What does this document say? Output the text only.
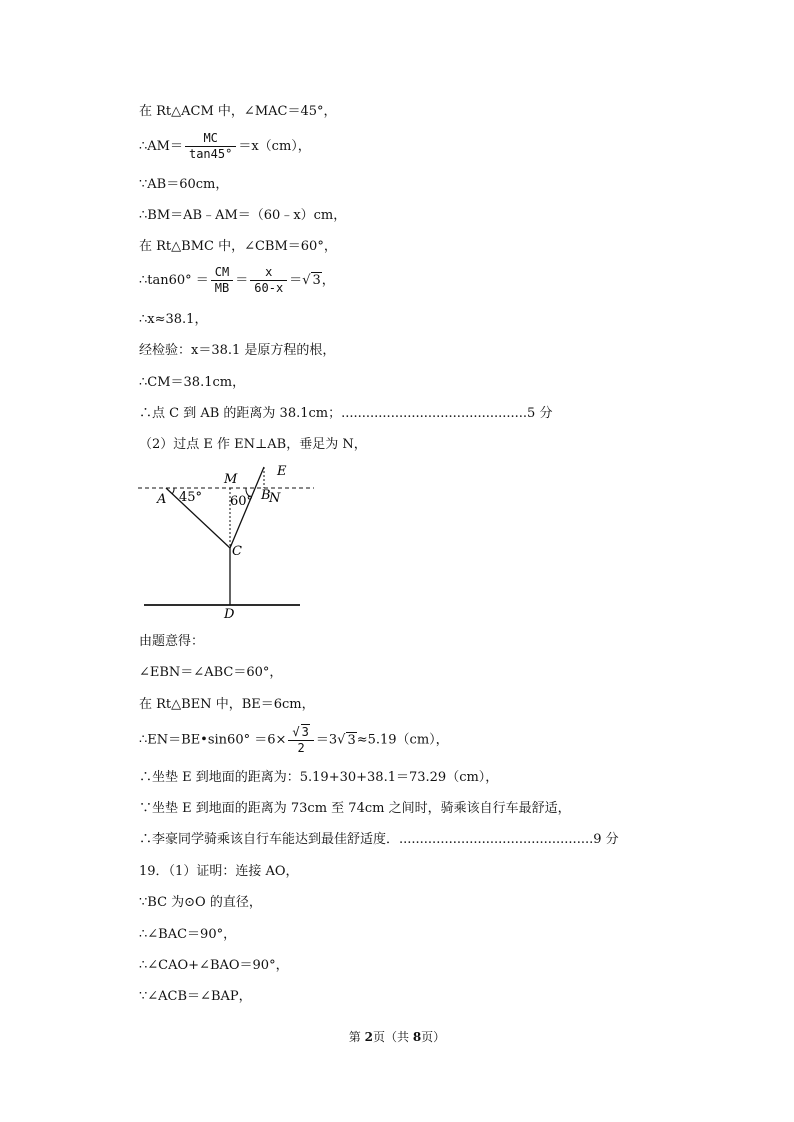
在 Rt△ACM 中，∠MAC＝45°，
∴AM＝ $\frac{MC}{\tan 45^\circ} =x(cm)$，
∵AB＝60cm，
∴BM＝AB﹣AM＝（60﹣x）cm，
在 Rt△BMC 中，∠CBM＝60°，
∴tan60° ＝ $\frac{CM}{MB} = \frac{x}{60-x}$ ＝√ 3，
∴x≈38.1，
经检验：x＝38.1 是原方程的根，
∴CM＝38.1cm，
∴点 C 到 AB 的距离为 38.1cm；.............................................5 分
（2）过点 E 作 EN⊥AB，垂足为 N，
A 45°
M
60° B
N
E
C
D
由题意得：
∠EBN＝∠ABC＝60°，
在 Rt△BEN 中，BE＝6cm，
∴EN＝BE•sin60° $=6\times \frac{√ 3}{2} =3√$ 3≈5.19（cm），
∴坐垫 E 到地面的距离为：5.19+30+38.1＝73.29（cm），
∵坐垫 E 到地面的距离为 73cm 至 74cm 之间时，骑乘该自行车最舒适，
∴李豪同学骑乘该自行车能达到最佳舒适度．...............................................9 分
19．（1）证明：连接 AO，
∵BC 为⊙O 的直径，
∴∠BAC＝90°，
∴∠CAO+∠BAO＝90°，
∵∠ACB＝∠BAP，
第 2页（共 8页）
